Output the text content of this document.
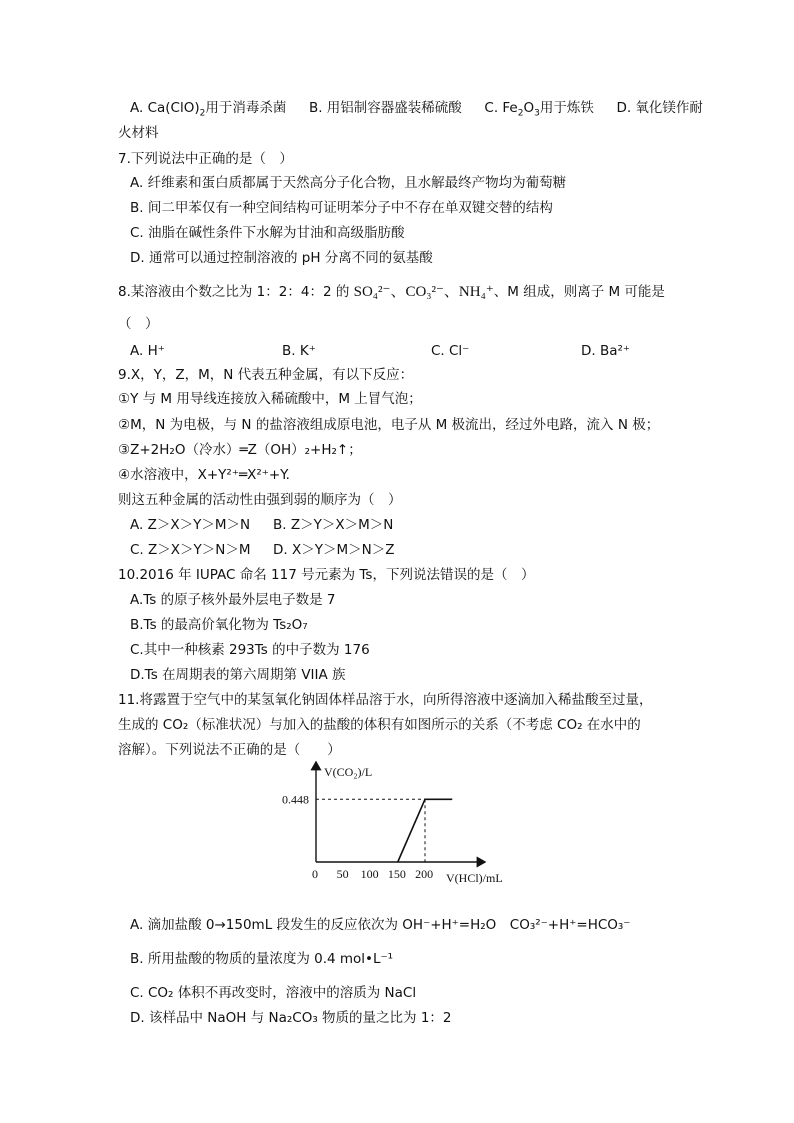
A. $Ca(ClO)_2$用于消毒杀菌 B. 用铝制容器盛装稀硫酸 C. $Fe_2O_3$用于炼铁 D. 氧化镁作耐
火材料
7.下列说法中正确的是（　）
A. 纤维素和蛋白质都属于天然高分子化合物，且水解最终产物均为葡萄糖
B. 间二甲苯仅有一种空间结构可证明苯分子中不存在单双键交替的结构
C. 油脂在碱性条件下水解为甘油和高级脂肪酸
D. 通常可以通过控制溶液的 pH 分离不同的氨基酸
8.某溶液由个数之比为 1：2：4：2 的 SO₄²⁻、CO₃²⁻、NH₄⁺、M 组成，则离子 M 可能是
（　）
A. H⁺	B. K⁺	C. Cl⁻	D. Ba²⁺
9.X，Y，Z，M，N 代表五种金属，有以下反应：
①Y 与 M 用导线连接放入稀硫酸中，M 上冒气泡；
②M，N 为电极，与 N 的盐溶液组成原电池，电子从 M 极流出，经过外电路，流入 N 极；
③Z+2H₂O（冷水）═Z（OH）₂+H₂↑；
④水溶液中，X+Y²⁺═X²⁺+Y.
则这五种金属的活动性由强到弱的顺序为（　）
A. Z＞X＞Y＞M＞N B. Z＞Y＞X＞M＞N
C. Z＞X＞Y＞N＞M D. X＞Y＞M＞N＞Z
10.2016 年 IUPAC 命名 117 号元素为 Ts，下列说法错误的是（　）
A.Ts 的原子核外最外层电子数是 7
B.Ts 的最高价氧化物为 Ts₂O₇
C.其中一种核素 293Ts 的中子数为 176
D.Ts 在周期表的第六周期第 VIIA 族
11.将露置于空气中的某氢氧化钠固体样品溶于水，向所得溶液中逐滴加入稀盐酸至过量，
生成的 CO₂（标准状况）与加入的盐酸的体积有如图所示的关系（不考虑 CO₂ 在水中的
溶解）。下列说法不正确的是（　　）
V(CO₂)/L
V(HCl)/mL
0 50 100 150 200
0.448
A. 滴加盐酸 0→150mL 段发生的反应依次为 OH⁻+H⁺=H₂O　CO₃²⁻+H⁺=HCO₃⁻
B. 所用盐酸的物质的量浓度为 0.4 mol•L⁻¹
C. CO₂ 体积不再改变时，溶液中的溶质为 NaCl
D. 该样品中 NaOH 与 Na₂CO₃ 物质的量之比为 1：2
